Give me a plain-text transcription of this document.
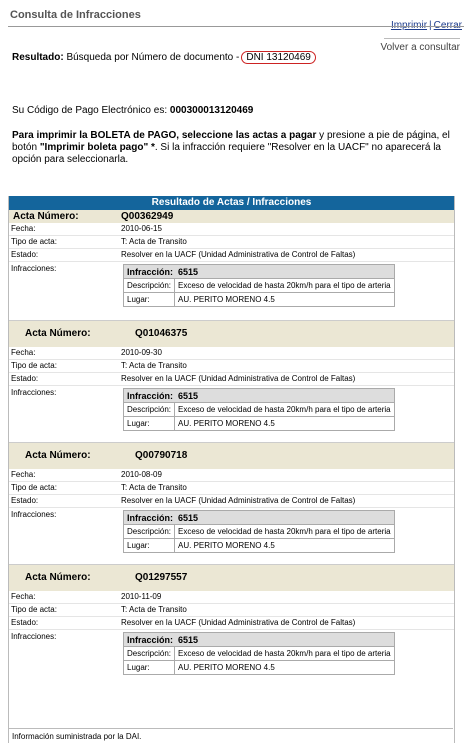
Consulta de Infracciones
Imprimir | Cerrar
Volver a consultar
Resultado: Búsqueda por Número de documento - DNI 13120469
Su Código de Pago Electrónico es: 000300013120469
Para imprimir la BOLETA de PAGO, seleccione las actas a pagar y presione a pie de página, el botón "Imprimir boleta pago" *. Si la infracción requiere "Resolver en la UACF" no aparecerá la opción para seleccionarla.
Resultado de Actas / Infracciones
Acta Número:	Q00362949
Fecha:	2010-06-15
Tipo de acta:	T: Acta de Transito
Estado:	Resolver en la UACF (Unidad Administrativa de Control de Faltas)
Infracciones:	Infracción: 6515	
Descripción:	Exceso de velocidad de hasta 20km/h para el tipo de arteria
Lugar:	AU. PERITO MORENO 4.5
Acta Número:	Q01046375
Fecha:	2010-09-30
Tipo de acta:	T: Acta de Transito
Estado:	Resolver en la UACF (Unidad Administrativa de Control de Faltas)
Infracciones:	Infracción: 6515	
Descripción:	Exceso de velocidad de hasta 20km/h para el tipo de arteria
Lugar:	AU. PERITO MORENO 4.5
Acta Número:	Q00790718
Fecha:	2010-08-09
Tipo de acta:	T: Acta de Transito
Estado:	Resolver en la UACF (Unidad Administrativa de Control de Faltas)
Infracciones:	Infracción: 6515	
Descripción:	Exceso de velocidad de hasta 20km/h para el tipo de arteria
Lugar:	AU. PERITO MORENO 4.5
Acta Número:	Q01297557
Fecha:	2010-11-09
Tipo de acta:	T: Acta de Transito
Estado:	Resolver en la UACF (Unidad Administrativa de Control de Faltas)
Infracciones:	Infracción: 6515	
Descripción:	Exceso de velocidad de hasta 20km/h para el tipo de arteria
Lugar:	AU. PERITO MORENO 4.5
Información suministrada por la DAI.
